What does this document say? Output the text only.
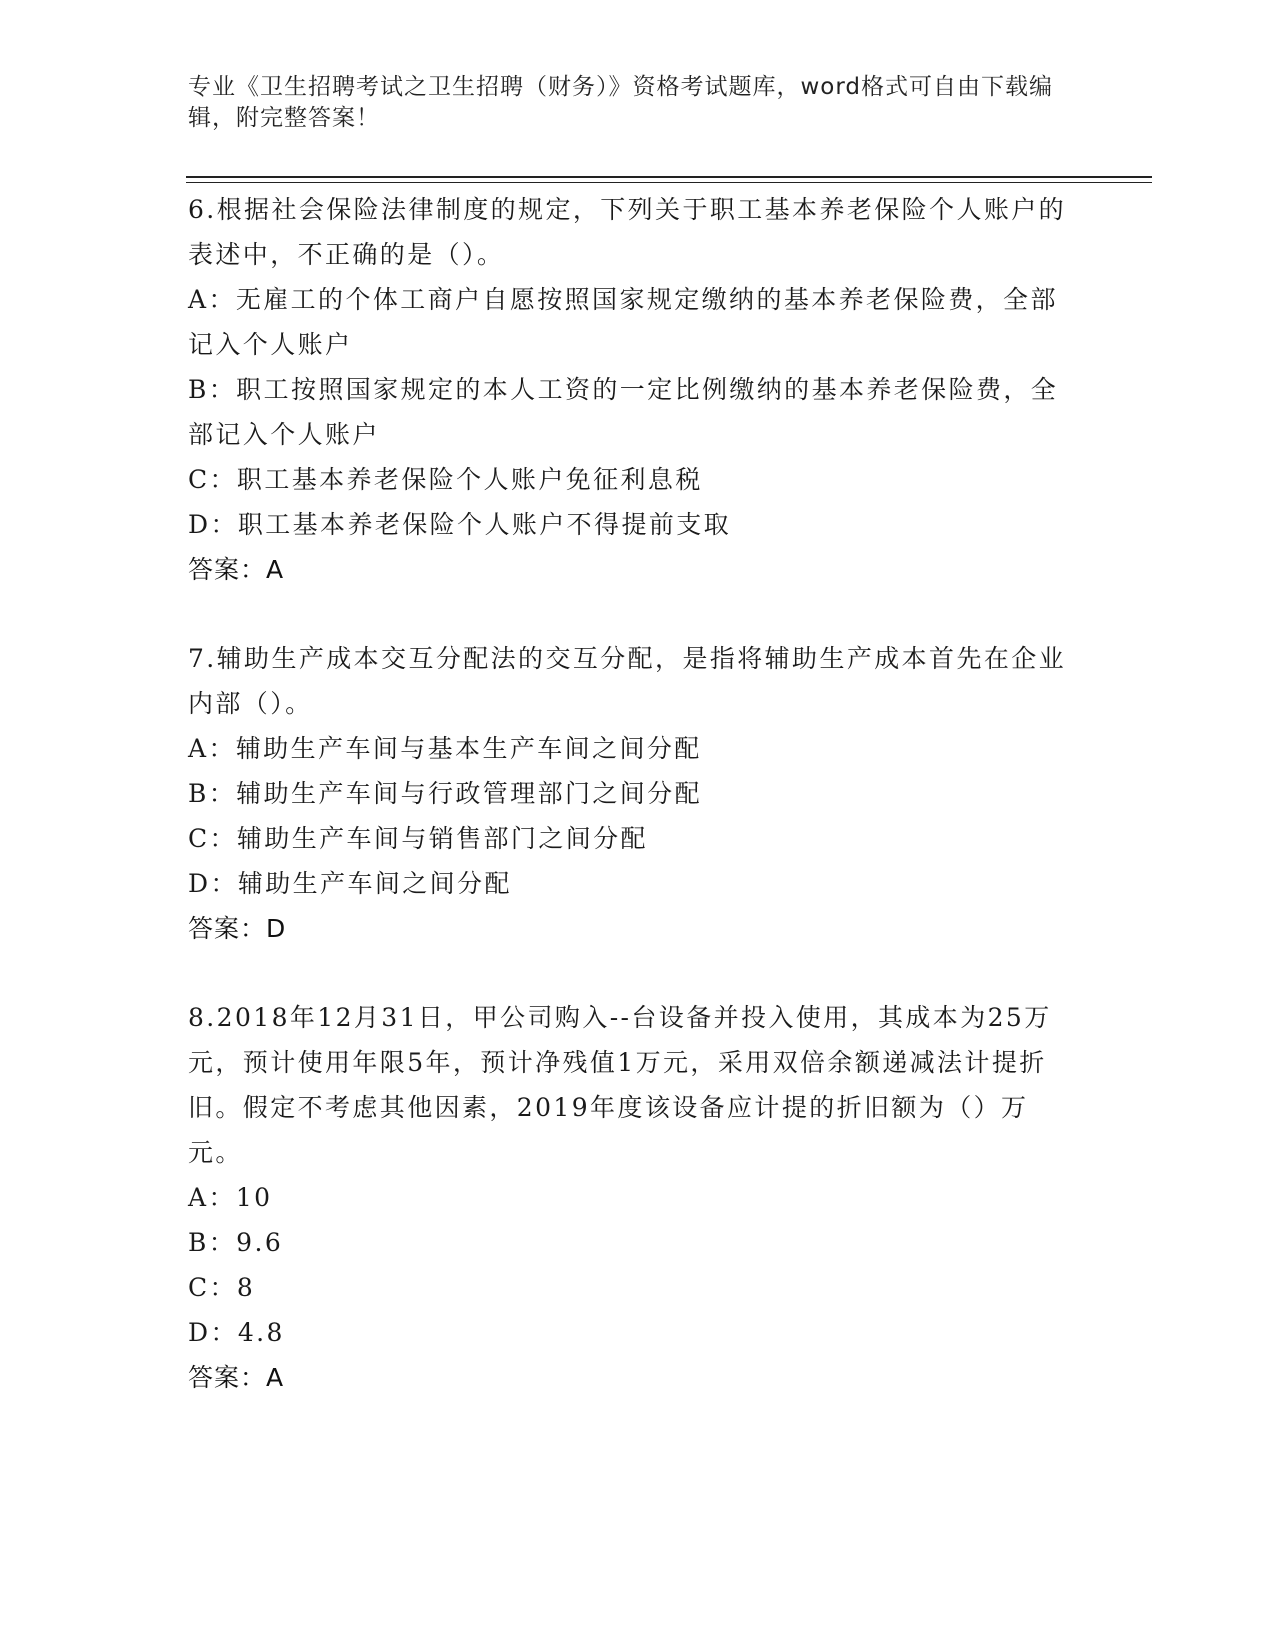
专业《卫生招聘考试之卫生招聘（财务）》资格考试题库，word格式可自由下载编辑，附完整答案！

6.根据社会保险法律制度的规定，下列关于职工基本养老保险个人账户的表述中，不正确的是（）。

A：无雇工的个体工商户自愿按照国家规定缴纳的基本养老保险费，全部记入个人账户

B：职工按照国家规定的本人工资的一定比例缴纳的基本养老保险费，全部记入个人账户

C：职工基本养老保险个人账户免征利息税

D：职工基本养老保险个人账户不得提前支取

答案：A

7.辅助生产成本交互分配法的交互分配，是指将辅助生产成本首先在企业内部（）。

A：辅助生产车间与基本生产车间之间分配

B：辅助生产车间与行政管理部门之间分配

C：辅助生产车间与销售部门之间分配

D：辅助生产车间之间分配

答案：D

8.2018年12月31日，甲公司购入--台设备并投入使用，其成本为25万元，预计使用年限5年，预计净残值1万元，采用双倍余额递减法计提折旧。假定不考虑其他因素，2019年度该设备应计提的折旧额为（）万元。

A：10

B：9.6

C：8

D：4.8

答案：A
